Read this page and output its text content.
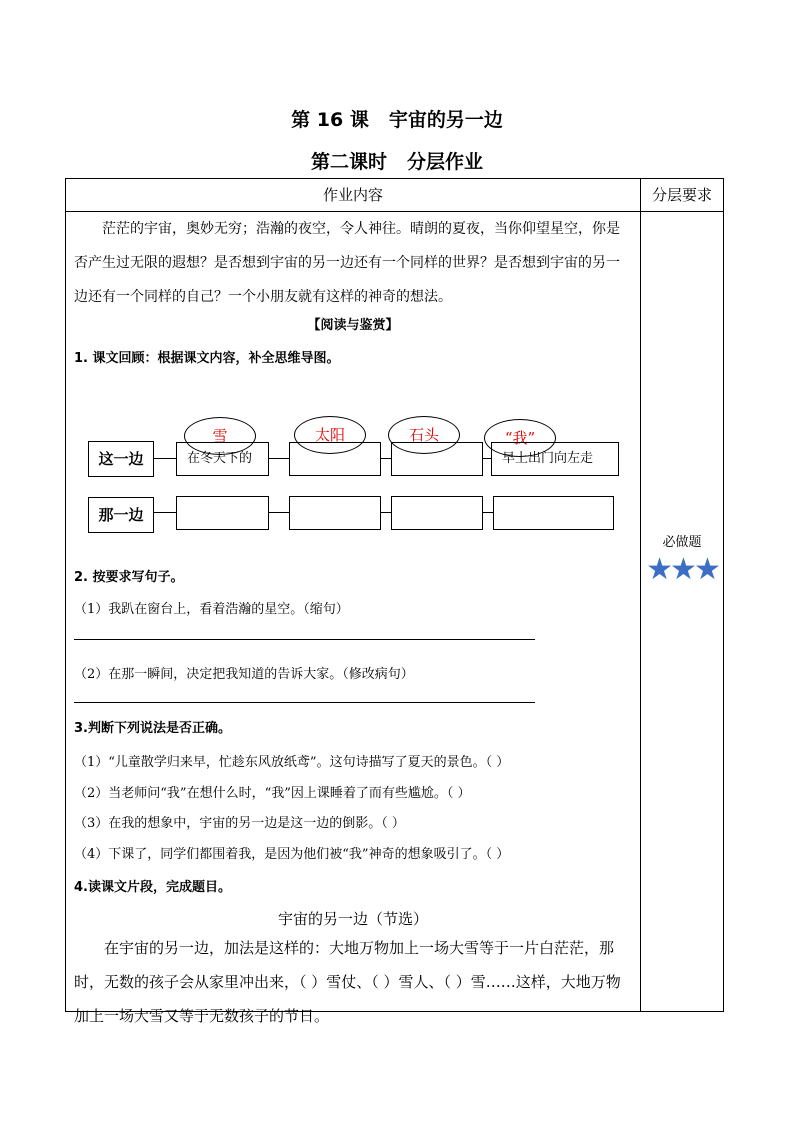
第 16 课 宇宙的另一边
第二课时 分层作业
作业内容	分层要求
茫茫的宇宙，奥妙无穷；浩瀚的夜空，令人神往。晴朗的夏夜，当你仰望星空，你是否产生过无限的遐想？是否想到宇宙的另一边还有一个同样的世界？是否想到宇宙的另一边还有一个同样的自己？一个小朋友就有这样的神奇的想法。
【阅读与鉴赏】
1. 课文回顾：根据课文内容，补全思维导图。
雪	太阳	石头	“我”
这一边	在冬天下的	早上出门向左走
那一边
2. 按要求写句子。
（1）我趴在窗台上，看着浩瀚的星空。（缩句）
（2）在那一瞬间，决定把我知道的告诉大家。（修改病句）
3.判断下列说法是否正确。
（1）“儿童散学归来早，忙趁东风放纸鸢”。这句诗描写了夏天的景色。（ ）
（2）当老师问“我”在想什么时，“我”因上课睡着了而有些尴尬。（ ）
（3）在我的想象中，宇宙的另一边是这一边的倒影。（ ）
（4）下课了，同学们都围着我，是因为他们被“我”神奇的想象吸引了。（ ）
4.读课文片段，完成题目。
宇宙的另一边（节选）
在宇宙的另一边，加法是这样的：大地万物加上一场大雪等于一片白茫茫，那时，无数的孩子会从家里冲出来，（ ）雪仗、（ ）雪人、（ ）雪……这样，大地万物加上一场大雪又等于无数孩子的节日。
必做题
★★★
